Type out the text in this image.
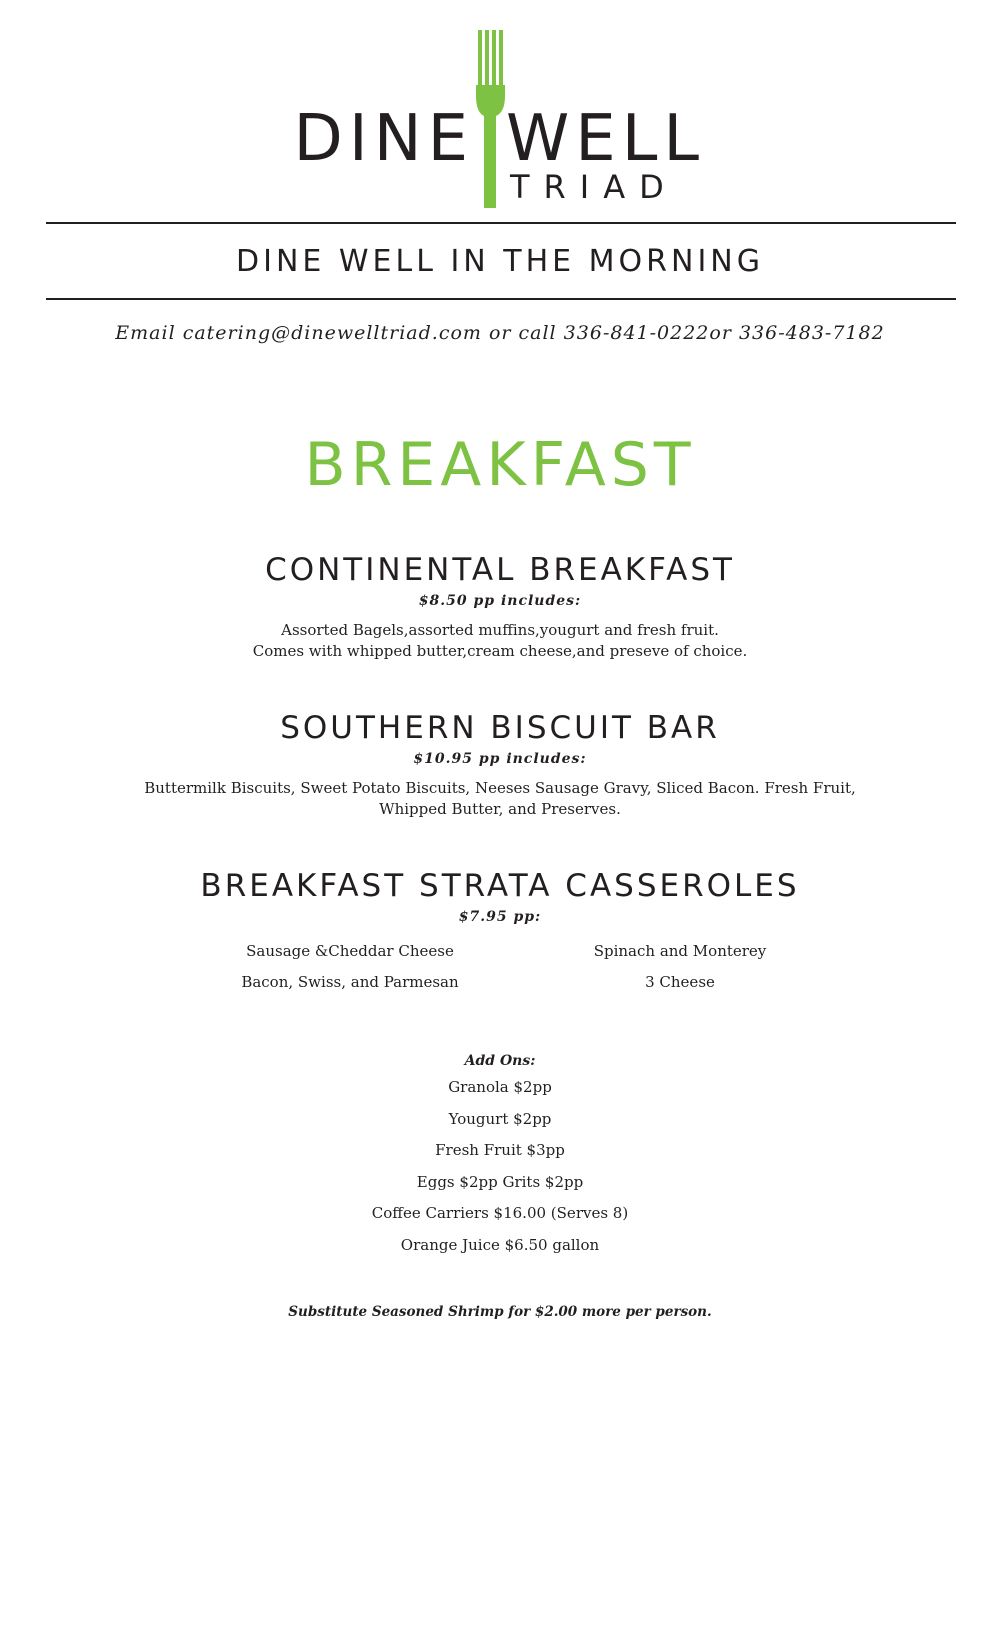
DINE WELL
TRIAD
DINE WELL IN THE MORNING
Email catering@dinewelltriad.com or call 336-841-0222or 336-483-7182
BREAKFAST
CONTINENTAL BREAKFAST
$8.50 pp includes:
Assorted Bagels,assorted muffins,yougurt and fresh fruit.
Comes with whipped butter,cream cheese,and preseve of choice.
SOUTHERN BISCUIT BAR
$10.95 pp includes:
Buttermilk Biscuits, Sweet Potato Biscuits, Neeses Sausage Gravy, Sliced Bacon. Fresh Fruit,
Whipped Butter, and Preserves.
BREAKFAST STRATA CASSEROLES
$7.95 pp:
Sausage &Cheddar Cheese	Spinach and Monterey
Bacon, Swiss, and Parmesan	3 Cheese
Add Ons:
Granola $2pp
Yougurt $2pp
Fresh Fruit $3pp
Eggs $2pp Grits $2pp
Coffee Carriers $16.00 (Serves 8)
Orange Juice $6.50 gallon
Substitute Seasoned Shrimp for $2.00 more per person.
